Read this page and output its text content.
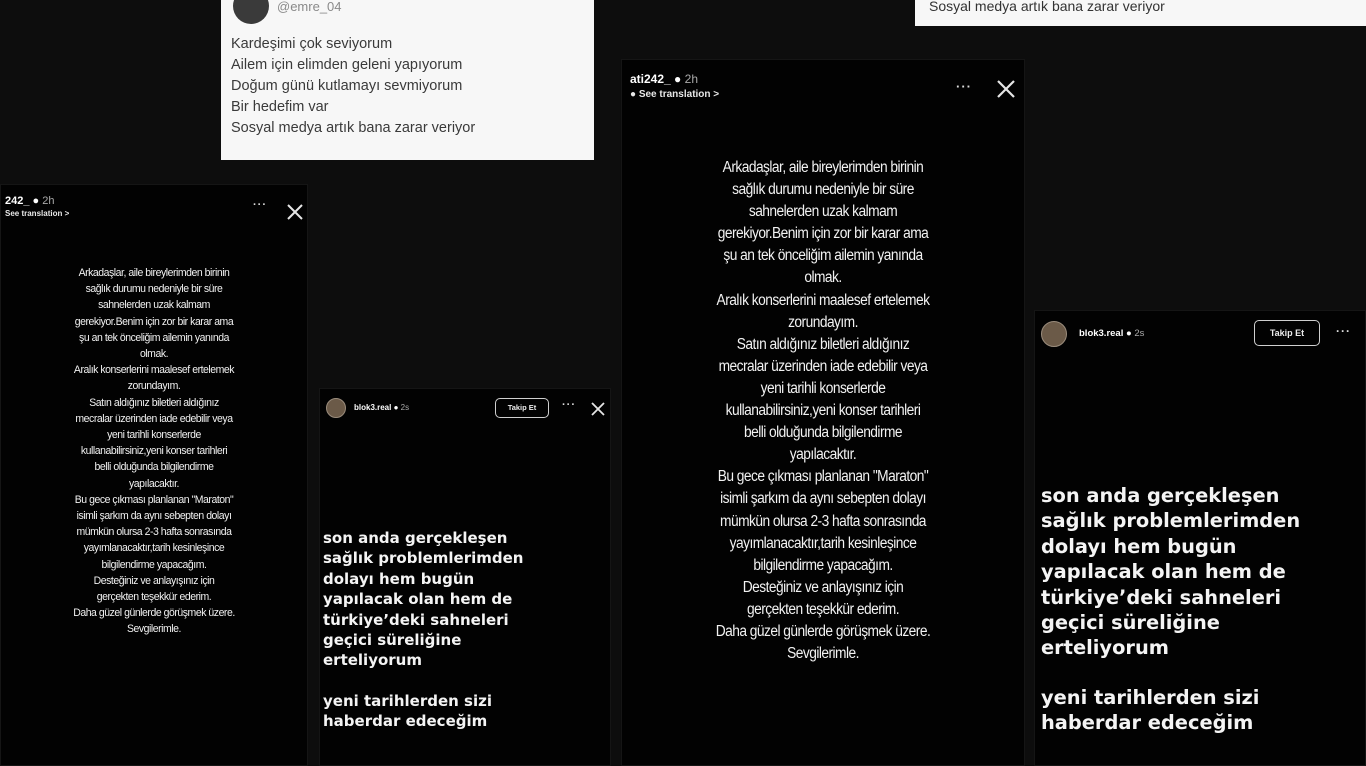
@emre_04

Kardeşimi çok seviyorum

Ailem için elimden geleni yapıyorum

Doğum günü kutlamayı sevmiyorum

Bir hedefim var

Sosyal medya artık bana zarar veriyor

Sosyal medya artık bana zarar veriyor

242_ ● 2h
See translation >
···

Arkadaşlar, aile bireylerimden birinin

sağlık durumu nedeniyle bir süre

sahnelerden uzak kalmam

gerekiyor.Benim için zor bir karar ama

şu an tek önceliğim ailemin yanında

olmak.

Aralık konserlerini maalesef ertelemek

zorundayım.

Satın aldığınız biletleri aldığınız

mecralar üzerinden iade edebilir veya

yeni tarihli konserlerde

kullanabilirsiniz,yeni konser tarihleri

belli olduğunda bilgilendirme

yapılacaktır.

Bu gece çıkması planlanan "Maraton"

isimli şarkım da aynı sebepten dolayı

mümkün olursa 2-3 hafta sonrasında

yayımlanacaktır,tarih kesinleşince

bilgilendirme yapacağım.

Desteğiniz ve anlayışınız için

gerçekten teşekkür ederim.

Daha güzel günlerde görüşmek üzere.

Sevgilerimle.

blok3.real ● 2s	Takip Et	···

son anda gerçekleşen

sağlık problemlerimden

dolayı hem bugün

yapılacak olan hem de

türkiye’deki sahneleri

geçici süreliğine

erteliyorum

yeni tarihlerden sizi

haberdar edeceğim

ati242_ ● 2h
● See translation >
···

Arkadaşlar, aile bireylerimden birinin

sağlık durumu nedeniyle bir süre

sahnelerden uzak kalmam

gerekiyor.Benim için zor bir karar ama

şu an tek önceliğim ailemin yanında

olmak.

Aralık konserlerini maalesef ertelemek

zorundayım.

Satın aldığınız biletleri aldığınız

mecralar üzerinden iade edebilir veya

yeni tarihli konserlerde

kullanabilirsiniz,yeni konser tarihleri

belli olduğunda bilgilendirme

yapılacaktır.

Bu gece çıkması planlanan "Maraton"

isimli şarkım da aynı sebepten dolayı

mümkün olursa 2-3 hafta sonrasında

yayımlanacaktır,tarih kesinleşince

bilgilendirme yapacağım.

Desteğiniz ve anlayışınız için

gerçekten teşekkür ederim.

Daha güzel günlerde görüşmek üzere.

Sevgilerimle.

blok3.real ● 2s	Takip Et	···

son anda gerçekleşen

sağlık problemlerimden

dolayı hem bugün

yapılacak olan hem de

türkiye’deki sahneleri

geçici süreliğine

erteliyorum

yeni tarihlerden sizi

haberdar edeceğim
